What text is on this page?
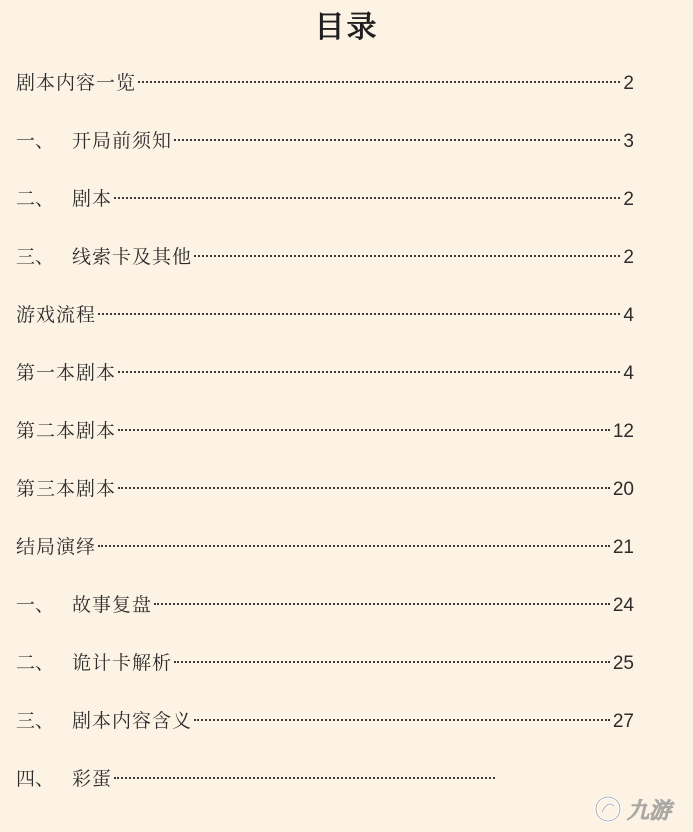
目录
剧本内容一览	2
一、 开局前须知	3
二、 剧本	2
三、 线索卡及其他	2
游戏流程	4
第一本剧本	4
第二本剧本	12
第三本剧本	20
结局演绎	21
一、 故事复盘	24
二、 诡计卡解析	25
三、 剧本内容含义	27
四、 彩蛋
九游
